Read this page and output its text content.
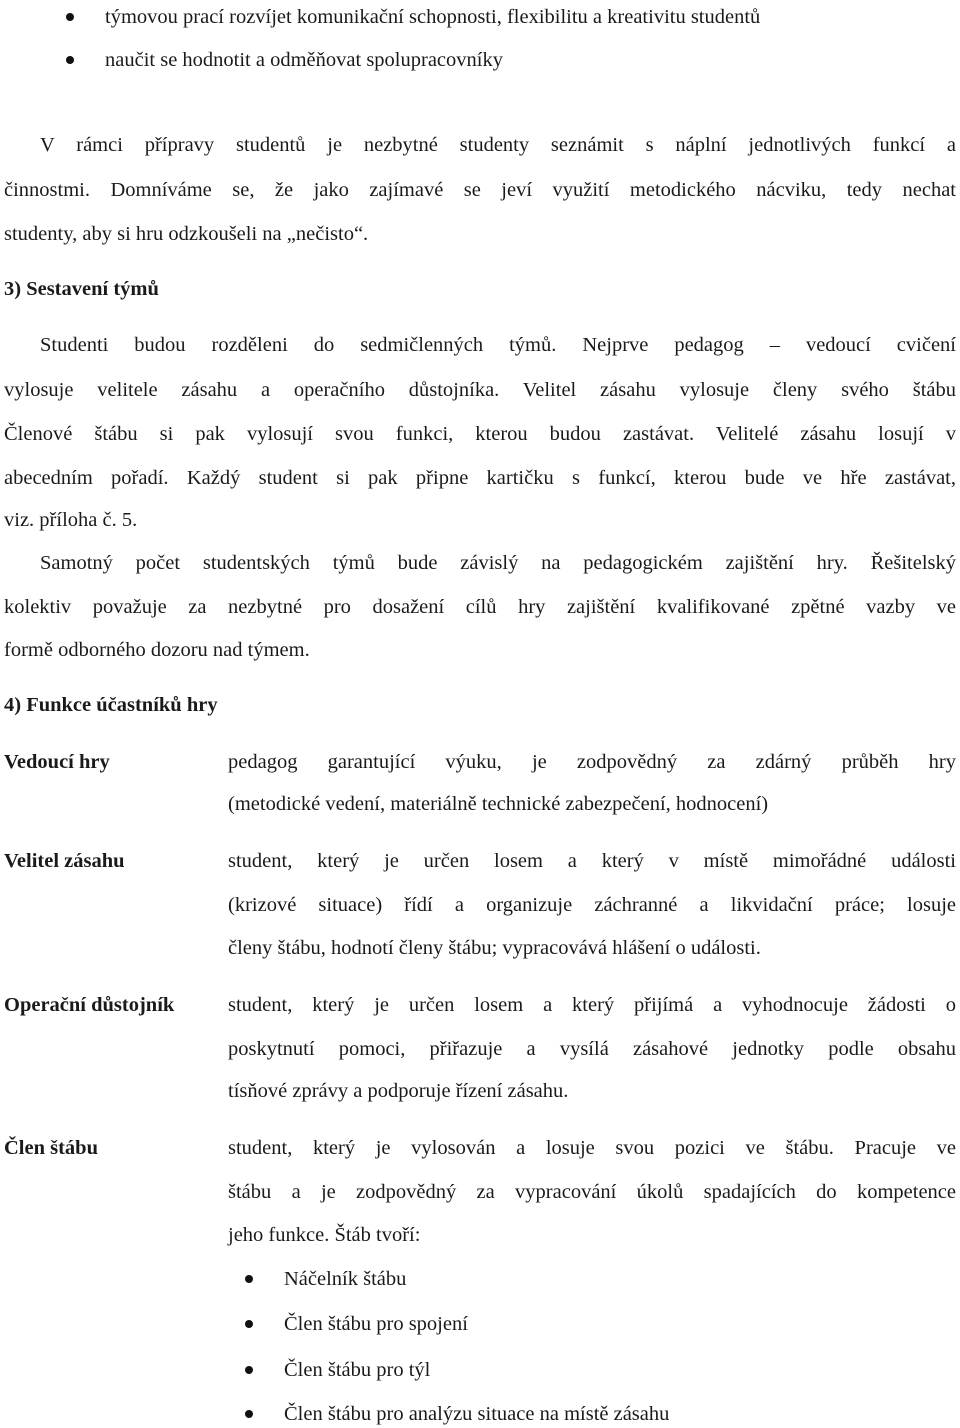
týmovou prací rozvíjet komunikační schopnosti, flexibilitu a kreativitu studentů
naučit se hodnotit a odměňovat spolupracovníky
V rámci přípravy studentů je nezbytné studenty seznámit s náplní jednotlivých funkcí a
činnostmi. Domníváme se, že jako zajímavé se jeví využití metodického nácviku, tedy nechat
studenty, aby si hru odzkoušeli na „nečisto“.
3) Sestavení týmů
Studenti budou rozděleni do sedmičlenných týmů. Nejprve pedagog – vedoucí cvičení
vylosuje velitele zásahu a operačního důstojníka. Velitel zásahu vylosuje členy svého štábu
Členové štábu si pak vylosují svou funkci, kterou budou zastávat. Velitelé zásahu losují v
abecedním pořadí. Každý student si pak připne kartičku s funkcí, kterou bude ve hře zastávat,
viz. příloha č. 5.
Samotný počet studentských týmů bude závislý na pedagogickém zajištění hry. Řešitelský
kolektiv považuje za nezbytné pro dosažení cílů hry zajištění kvalifikované zpětné vazby ve
formě odborného dozoru nad týmem.
4) Funkce účastníků hry
Vedoucí hry	pedagog garantující výuku, je zodpovědný za zdárný průběh hry
(metodické vedení, materiálně technické zabezpečení, hodnocení)
Velitel zásahu	student, který je určen losem a který v místě mimořádné události
(krizové situace) řídí a organizuje záchranné a likvidační práce; losuje
členy štábu, hodnotí členy štábu; vypracovává hlášení o události.
Operační důstojník	student, který je určen losem a který přijímá a vyhodnocuje žádosti o
poskytnutí pomoci, přiřazuje a vysílá zásahové jednotky podle obsahu
tísňové zprávy a podporuje řízení zásahu.
Člen štábu	student, který je vylosován a losuje svou pozici ve štábu. Pracuje ve
štábu a je zodpovědný za vypracování úkolů spadajících do kompetence
jeho funkce. Štáb tvoří:
Náčelník štábu
Člen štábu pro spojení
Člen štábu pro týl
Člen štábu pro analýzu situace na místě zásahu
